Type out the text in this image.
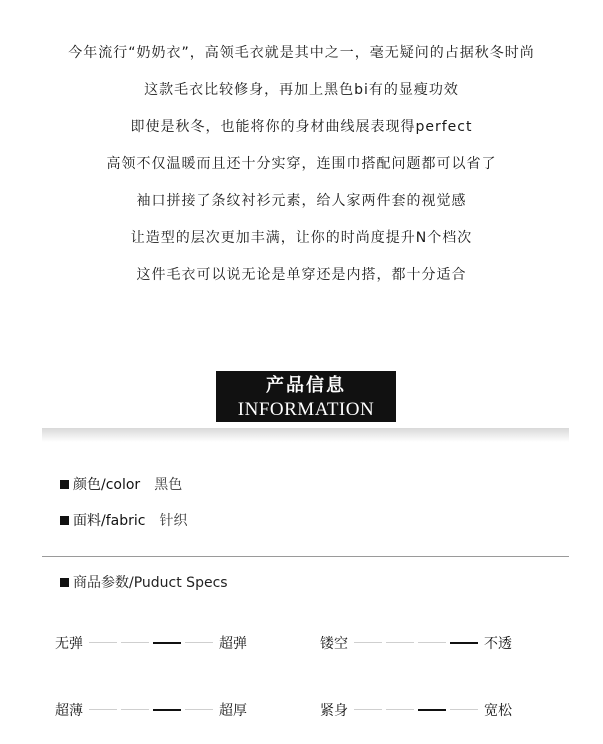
今年流行“奶奶衣”，高领毛衣就是其中之一，毫无疑问的占据秋冬时尚

这款毛衣比较修身，再加上黑色bi有的显瘦功效

即使是秋冬，也能将你的身材曲线展表现得perfect

高领不仅温暖而且还十分实穿，连围巾搭配问题都可以省了

袖口拼接了条纹衬衫元素，给人家两件套的视觉感

让造型的层次更加丰满，让你的时尚度提升N个档次

这件毛衣可以说无论是单穿还是内搭，都十分适合

产品信息
INFORMATION
颜色/color 黑色
面料/fabric 针织
商品参数/Puduct Specs
无弹	超弹	镂空	不透
超薄	超厚	紧身	宽松
